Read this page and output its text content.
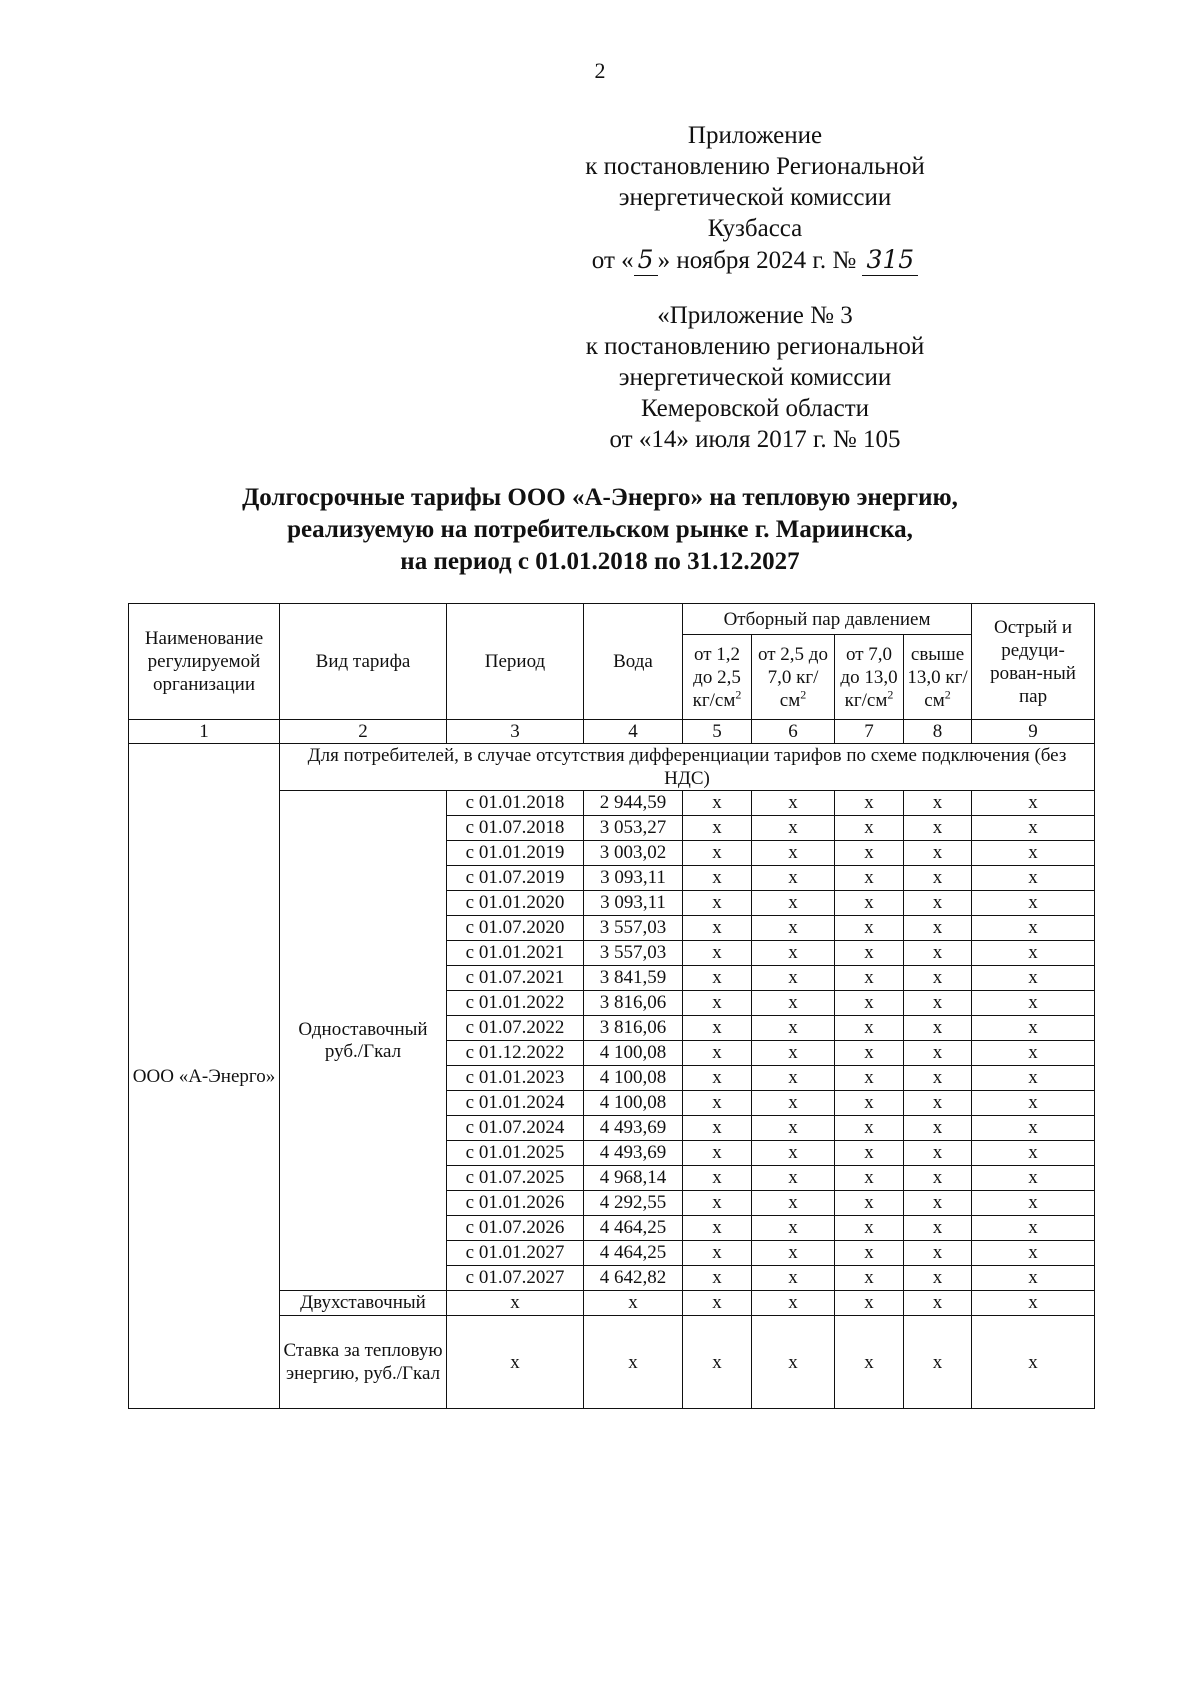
2
Приложение
к постановлению Региональной
энергетической комиссии
Кузбасса
от « 5 » ноября 2024 г. № 315
«Приложение № 3
к постановлению региональной
энергетической комиссии
Кемеровской области
от «14» июля 2017 г. № 105
Долгосрочные тарифы ООО «А-Энерго» на тепловую энергию,
реализуемую на потребительском рынке г. Мариинска,
на период с 01.01.2018 по 31.12.2027
Наименование регулируемой организации	Вид тарифа	Период	Вода	Отборный пар давлением				Острый и редуци-рован-ный пар
				от 1,2 до 2,5 $кг/см^2$	от 2,5 до 7,0 $кг/см^2$	от 7,0 до 13,0 $кг/см^2$	свыше 13,0 $кг/см^2$
1	2	3	4	5	6	7	8	9
ООО «А-Энерго»	Для потребителей, в случае отсутствия дифференциации тарифов по схеме подключения (без НДС)							
	Одноставочный руб./Гкал	с 01.01.2018	2 944,59	х	х	х	х	х
		с 01.07.2018	3 053,27	х	х	х	х	х
		с 01.01.2019	3 003,02	х	х	х	х	х
		с 01.07.2019	3 093,11	х	х	х	х	х
		с 01.01.2020	3 093,11	х	х	х	х	х
		с 01.07.2020	3 557,03	х	х	х	х	х
		с 01.01.2021	3 557,03	х	х	х	х	х
		с 01.07.2021	3 841,59	х	х	х	х	х
		с 01.01.2022	3 816,06	х	х	х	х	х
		с 01.07.2022	3 816,06	х	х	х	х	х
		с 01.12.2022	4 100,08	х	х	х	х	х
		с 01.01.2023	4 100,08	х	х	х	х	х
		с 01.01.2024	4 100,08	х	х	х	х	х
		с 01.07.2024	4 493,69	х	х	х	х	х
		с 01.01.2025	4 493,69	х	х	х	х	х
		с 01.07.2025	4 968,14	х	х	х	х	х
		с 01.01.2026	4 292,55	х	х	х	х	х
		с 01.07.2026	4 464,25	х	х	х	х	х
		с 01.01.2027	4 464,25	х	х	х	х	х
		с 01.07.2027	4 642,82	х	х	х	х	х
	Двухставочный	х	х	х	х	х	х	х
	Ставка за тепловую энергию, руб./Гкал	х	х	х	х	х	х	х
